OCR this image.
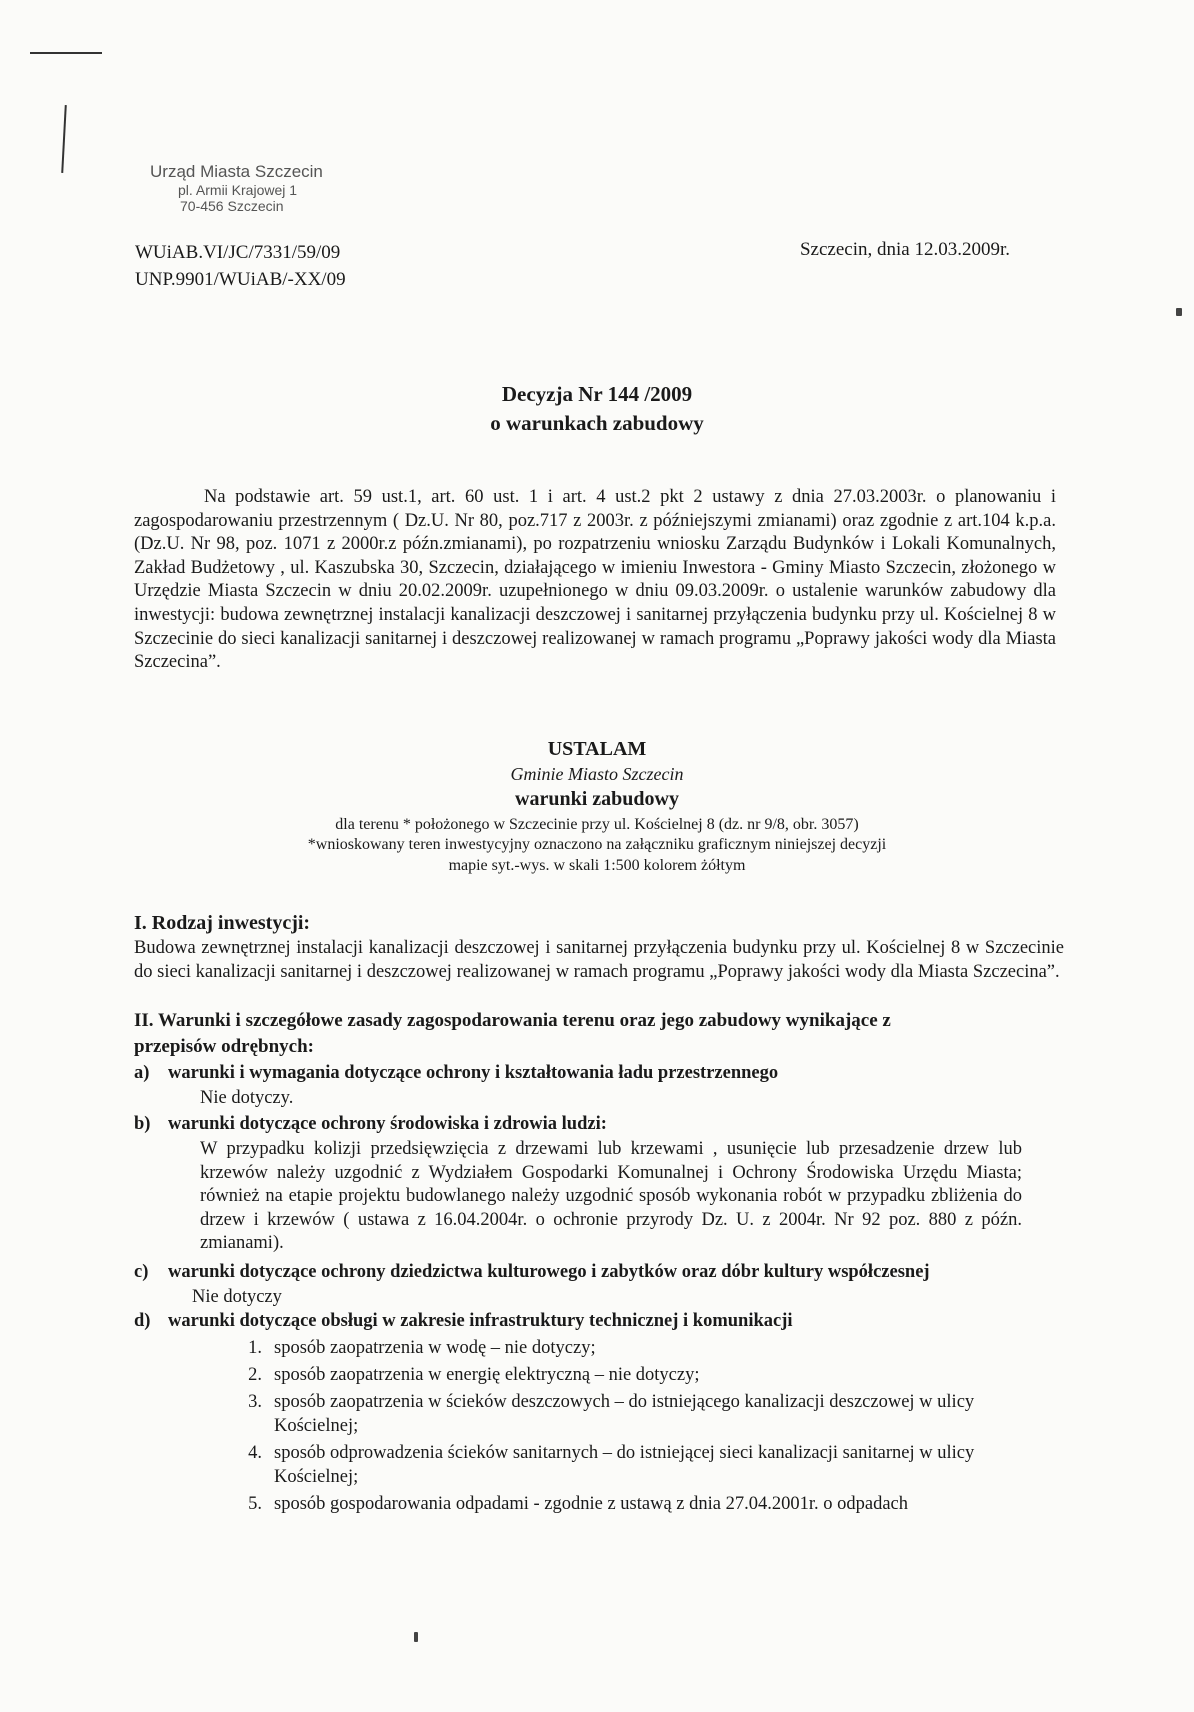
Urząd Miasta Szczecin
pl. Armii Krajowej 1
70-456 Szczecin
WUiAB.VI/JC/7331/59/09
UNP.9901/WUiAB/-XX/09
Szczecin, dnia 12.03.2009r.
Decyzja Nr 144 /2009
o warunkach zabudowy
Na podstawie art. 59 ust.1, art. 60 ust. 1 i art. 4 ust.2 pkt 2 ustawy z dnia 27.03.2003r. o planowaniu i zagospodarowaniu przestrzennym ( Dz.U. Nr 80, poz.717 z 2003r. z późniejszymi zmianami) oraz zgodnie z art.104 k.p.a. (Dz.U. Nr 98, poz. 1071 z 2000r.z późn.zmianami), po rozpatrzeniu wniosku Zarządu Budynków i Lokali Komunalnych, Zakład Budżetowy , ul. Kaszubska 30, Szczecin, działającego w imieniu Inwestora - Gminy Miasto Szczecin, złożonego w Urzędzie Miasta Szczecin w dniu 20.02.2009r. uzupełnionego w dniu 09.03.2009r. o ustalenie warunków zabudowy dla inwestycji: budowa zewnętrznej instalacji kanalizacji deszczowej i sanitarnej przyłączenia budynku przy ul. Kościelnej 8 w Szczecinie do sieci kanalizacji sanitarnej i deszczowej realizowanej w ramach programu „Poprawy jakości wody dla Miasta Szczecina”.
USTALAM
Gminie Miasto Szczecin
warunki zabudowy
dla terenu * położonego w Szczecinie przy ul. Kościelnej 8 (dz. nr 9/8, obr. 3057)
*wnioskowany teren inwestycyjny oznaczono na załączniku graficznym niniejszej decyzji
mapie syt.-wys. w skali 1:500 kolorem żółtym
I. Rodzaj inwestycji:
Budowa zewnętrznej instalacji kanalizacji deszczowej i sanitarnej przyłączenia budynku przy ul. Kościelnej 8 w Szczecinie do sieci kanalizacji sanitarnej i deszczowej realizowanej w ramach programu „Poprawy jakości wody dla Miasta Szczecina”.
II. Warunki i szczegółowe zasady zagospodarowania terenu oraz jego zabudowy wynikające z przepisów odrębnych:
a) warunki i wymagania dotyczące ochrony i kształtowania ładu przestrzennego
Nie dotyczy.
b) warunki dotyczące ochrony środowiska i zdrowia ludzi:
W przypadku kolizji przedsięwzięcia z drzewami lub krzewami , usunięcie lub przesadzenie drzew lub krzewów należy uzgodnić z Wydziałem Gospodarki Komunalnej i Ochrony Środowiska Urzędu Miasta; również na etapie projektu budowlanego należy uzgodnić sposób wykonania robót w przypadku zbliżenia do drzew i krzewów ( ustawa z 16.04.2004r. o ochronie przyrody Dz. U. z 2004r. Nr 92 poz. 880 z późn. zmianami).
c) warunki dotyczące ochrony dziedzictwa kulturowego i zabytków oraz dóbr kultury współczesnej
Nie dotyczy
d) warunki dotyczące obsługi w zakresie infrastruktury technicznej i komunikacji
1. sposób zaopatrzenia w wodę – nie dotyczy;
2. sposób zaopatrzenia w energię elektryczną – nie dotyczy;
3. sposób zaopatrzenia w ścieków deszczowych – do istniejącego kanalizacji deszczowej w ulicy Kościelnej;
4. sposób odprowadzenia ścieków sanitarnych – do istniejącej sieci kanalizacji sanitarnej w ulicy Kościelnej;
5. sposób gospodarowania odpadami - zgodnie z ustawą z dnia 27.04.2001r. o odpadach
